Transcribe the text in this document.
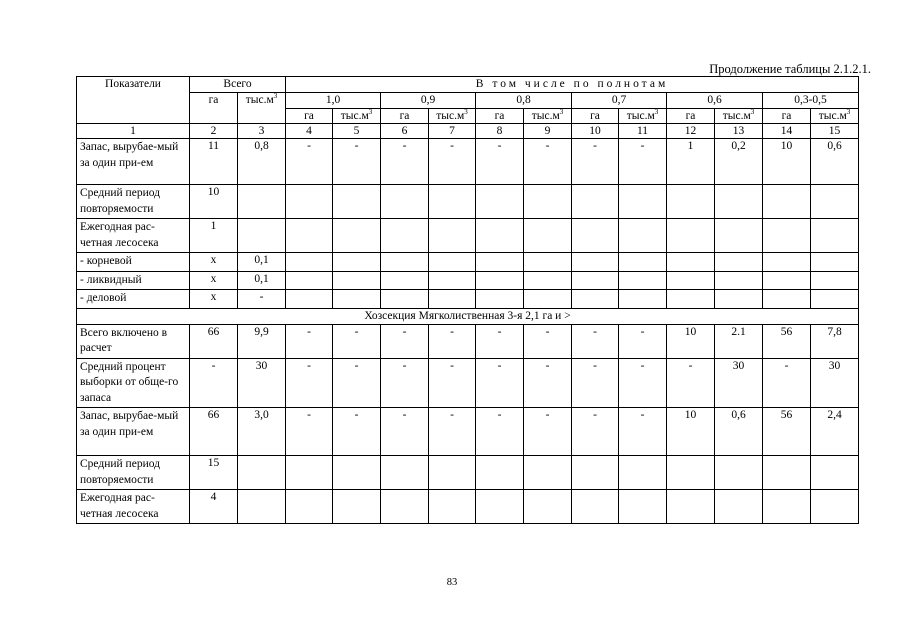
Продолжение таблицы 2.1.2.1.
Показатели	Всего		В том числе по полнотам											
	га	$тыс.м^3$	1,0		0,9		0,8		0,7		0,6		0,3-0,5	
			га	$тыс.м^3$	га	$тыс.м^3$	га	$тыс.м^3$	га	$тыс.м^3$	га	$тыс.м^3$	га	$тыс.м^3$
1	2	3	4	5	6	7	8	9	10	11	12	13	14	15
Запас, вырубае-мый за один при-ем	11	0,8	-	-	-	-	-	-	-	-	1	0,2	10	0,6
Средний период повторяемости	10													
Ежегодная рас-четная лесосека	1													
- корневой	х	0,1												
- ликвидный	х	0,1												
- деловой	х	-												
Хозсекция Мягколиственная 3-я 2,1 га и >														
Всего включено в расчет	66	9,9	-	-	-	-	-	-	-	-	10	2.1	56	7,8
Средний процент выборки от обще-го запаса	-	30	-	-	-	-	-	-	-	-	-	30	-	30
Запас, вырубае-мый за один при-ем	66	3,0	-	-	-	-	-	-	-	-	10	0,6	56	2,4
Средний период повторяемости	15													
Ежегодная рас-четная лесосека	4													
83
